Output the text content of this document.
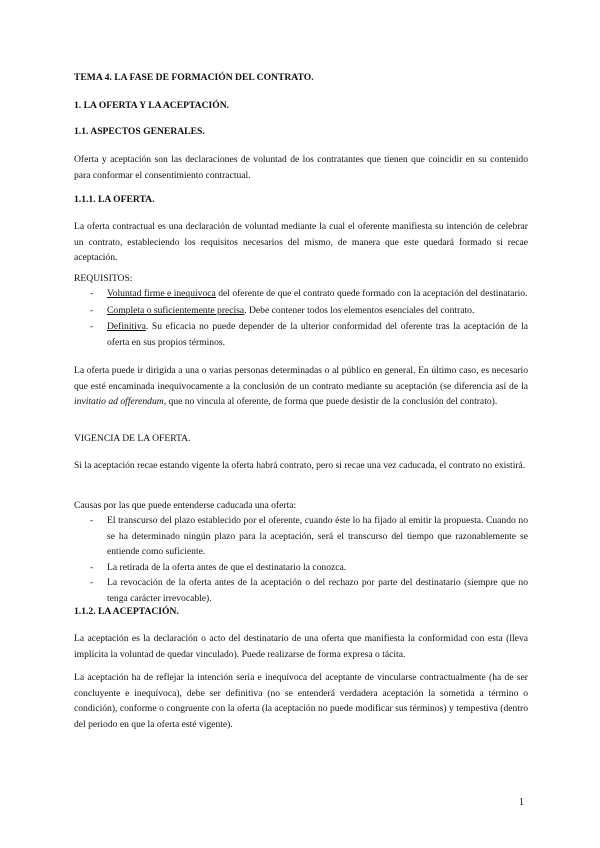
TEMA 4. LA FASE DE FORMACIÓN DEL CONTRATO.
1. LA OFERTA Y LA ACEPTACIÓN.
1.1. ASPECTOS GENERALES.

Oferta y aceptación son las declaraciones de voluntad de los contratantes que tienen que coincidir en su contenido para conformar el consentimiento contractual.

1.1.1. LA OFERTA.

La oferta contractual es una declaración de voluntad mediante la cual el oferente manifiesta su intención de celebrar un contrato, estableciendo los requisitos necesarios del mismo, de manera que este quedará formado si recae aceptación.

REQUISITOS:
- Voluntad firme e inequívoca del oferente de que el contrato quede formado con la aceptación del destinatario.
- Completa o suficientemente precisa. Debe contener todos los elementos esenciales del contrato.
- Definitiva. Su eficacia no puede depender de la ulterior conformidad del oferente tras la aceptación de la oferta en sus propios términos.

La oferta puede ir dirigida a una o varias personas determinadas o al público en general. En último caso, es necesario que esté encaminada inequívocamente a la conclusión de un contrato mediante su aceptación (se diferencia así de la invitatio ad offerendum, que no vincula al oferente, de forma que puede desistir de la conclusión del contrato).

VIGENCIA DE LA OFERTA.

Si la aceptación recae estando vigente la oferta habrá contrato, pero si recae una vez caducada, el contrato no existirá.

Causas por las que puede entenderse caducada una oferta:
- El transcurso del plazo establecido por el oferente, cuando éste lo ha fijado al emitir la propuesta. Cuando no se ha determinado ningún plazo para la aceptación, será el transcurso del tiempo que razonablemente se entiende como suficiente.
- La retirada de la oferta antes de que el destinatario la conozca.
- La revocación de la oferta antes de la aceptación o del rechazo por parte del destinatario (siempre que no tenga carácter irrevocable).
1.1.2. LA ACEPTACIÓN.

La aceptación es la declaración o acto del destinatario de una oferta que manifiesta la conformidad con esta (lleva implícita la voluntad de quedar vinculado). Puede realizarse de forma expresa o tácita.

La aceptación ha de reflejar la intención seria e inequívoca del aceptante de vincularse contractualmente (ha de ser concluyente e inequívoca), debe ser definitiva (no se entenderá verdadera aceptación la sometida a término o condición), conforme o congruente con la oferta (la aceptación no puede modificar sus términos) y tempestiva (dentro del periodo en que la oferta esté vigente).

1
